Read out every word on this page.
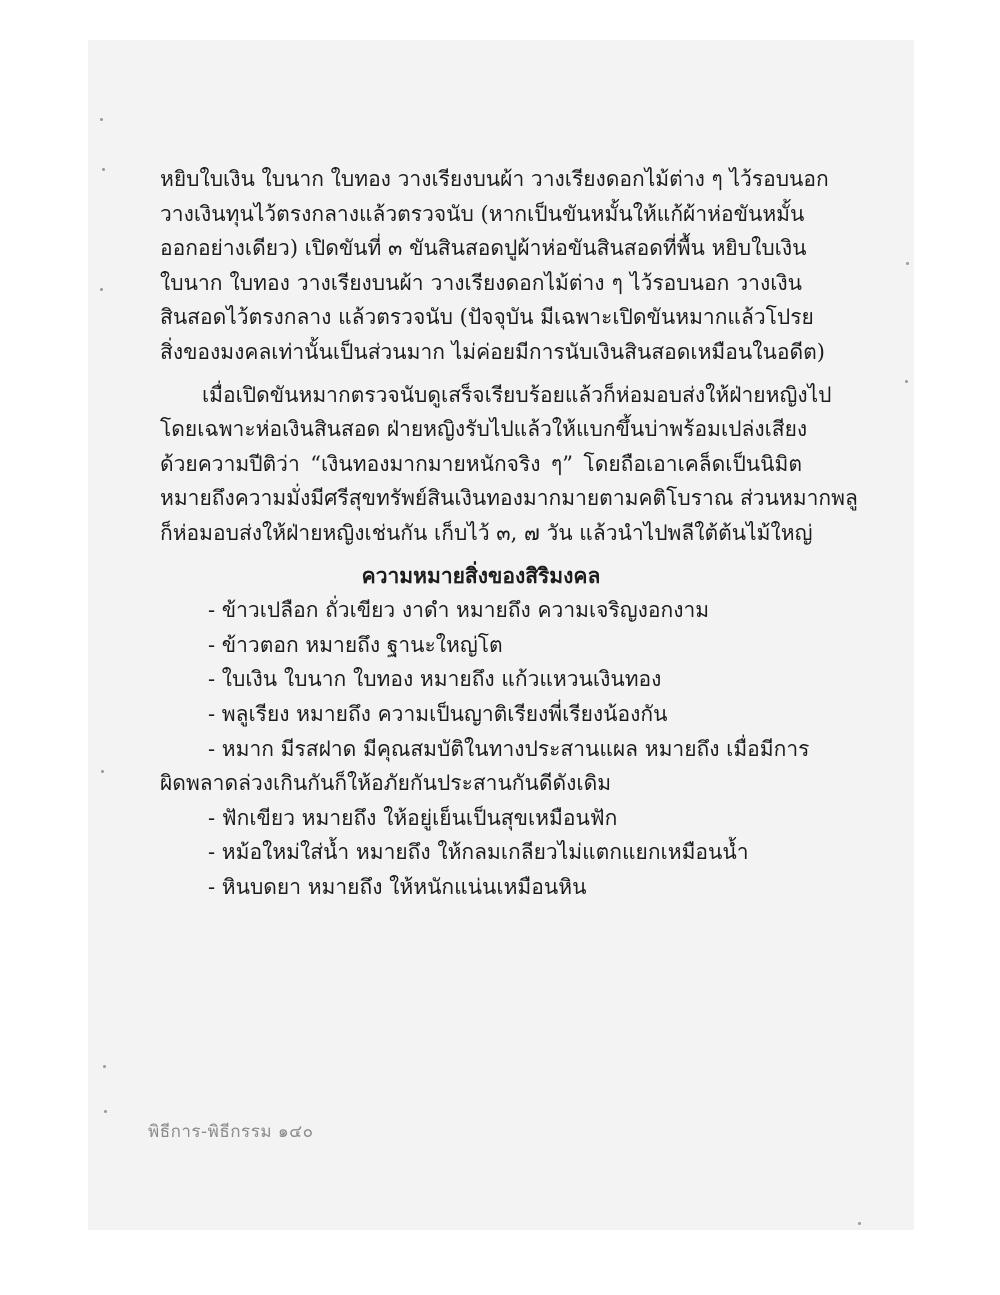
หยิบใบเงิน ใบนาก ใบทอง วางเรียงบนผ้า วางเรียงดอกไม้ต่าง ๆ ไว้รอบนอก
วางเงินทุนไว้ตรงกลางแล้วตรวจนับ (หากเป็นขันหมั้นให้แก้ผ้าห่อขันหมั้น
ออกอย่างเดียว) เปิดขันที่ ๓ ขันสินสอดปูผ้าห่อขันสินสอดที่พื้น หยิบใบเงิน
ใบนาก ใบทอง วางเรียงบนผ้า วางเรียงดอกไม้ต่าง ๆ ไว้รอบนอก วางเงิน
สินสอดไว้ตรงกลาง แล้วตรวจนับ (ปัจจุบัน มีเฉพาะเปิดขันหมากแล้วโปรย
สิ่งของมงคลเท่านั้นเป็นส่วนมาก ไม่ค่อยมีการนับเงินสินสอดเหมือนในอดีต)
เมื่อเปิดขันหมากตรวจนับดูเสร็จเรียบร้อยแล้วก็ห่อมอบส่งให้ฝ่ายหญิงไป
โดยเฉพาะห่อเงินสินสอด ฝ่ายหญิงรับไปแล้วให้แบกขึ้นบ่าพร้อมเปล่งเสียง
ด้วยความปีติว่า “เงินทองมากมายหนักจริง ๆ” โดยถือเอาเคล็ดเป็นนิมิต
หมายถึงความมั่งมีศรีสุขทรัพย์สินเงินทองมากมายตามคติโบราณ ส่วนหมากพลู
ก็ห่อมอบส่งให้ฝ่ายหญิงเช่นกัน เก็บไว้ ๓, ๗ วัน แล้วนำไปพลีใต้ต้นไม้ใหญ่
ความหมายสิ่งของสิริมงคล
- ข้าวเปลือก ถั่วเขียว งาดำ หมายถึง ความเจริญงอกงาม
- ข้าวตอก หมายถึง ฐานะใหญ่โต
- ใบเงิน ใบนาก ใบทอง หมายถึง แก้วแหวนเงินทอง
- พลูเรียง หมายถึง ความเป็นญาติเรียงพี่เรียงน้องกัน
- หมาก มีรสฝาด มีคุณสมบัติในทางประสานแผล หมายถึง เมื่อมีการ
ผิดพลาดล่วงเกินกันก็ให้อภัยกันประสานกันดีดังเดิม
- ฟักเขียว หมายถึง ให้อยู่เย็นเป็นสุขเหมือนฟัก
- หม้อใหม่ใส่น้ำ หมายถึง ให้กลมเกลียวไม่แตกแยกเหมือนน้ำ
- หินบดยา หมายถึง ให้หนักแน่นเหมือนหิน
พิธีการ-พิธีกรรม ๑๔๐
